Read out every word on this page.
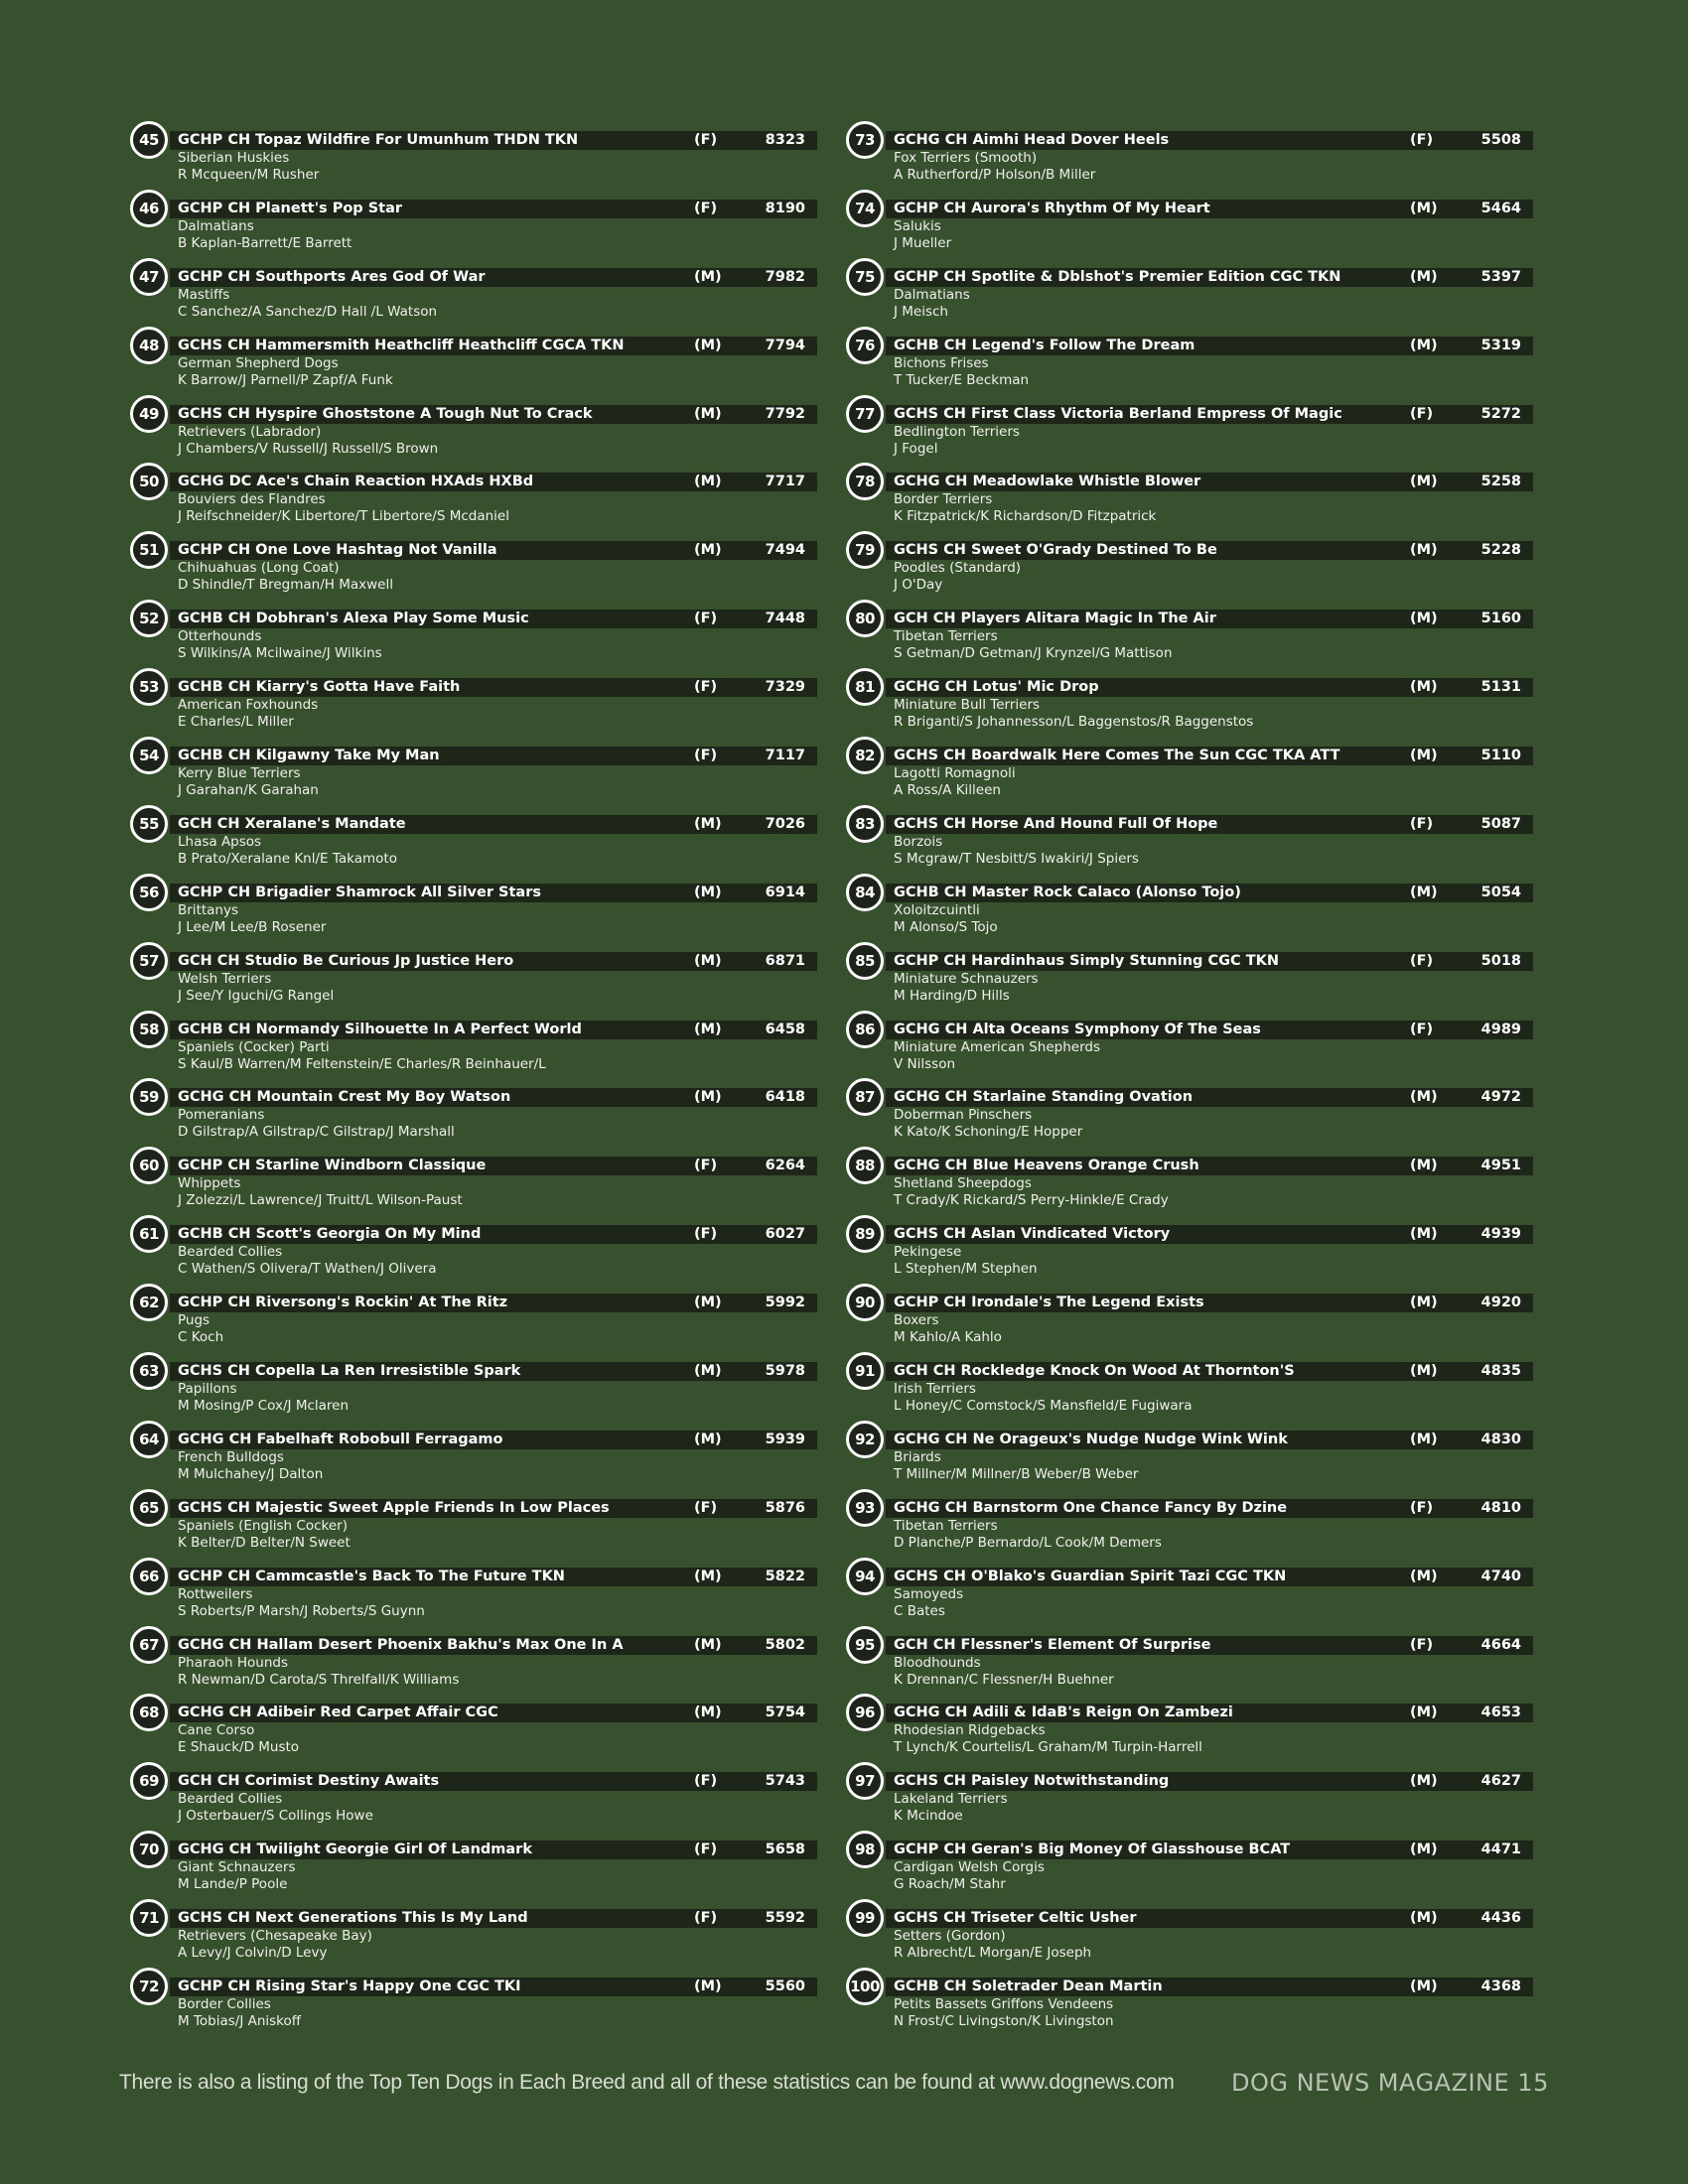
45	GCHP CH Topaz Wildfire For Umunhum THDN TKN	(F)	8323
Siberian Huskies
R Mcqueen/M Rusher
46	GCHP CH Planett's Pop Star	(F)	8190
Dalmatians
B Kaplan-Barrett/E Barrett
47	GCHP CH Southports Ares God Of War	(M)	7982
Mastiffs
C Sanchez/A Sanchez/D Hall /L Watson
48	GCHS CH Hammersmith Heathcliff Heathcliff CGCA TKN	(M)	7794
German Shepherd Dogs
K Barrow/J Parnell/P Zapf/A Funk
49	GCHS CH Hyspire Ghoststone A Tough Nut To Crack	(M)	7792
Retrievers (Labrador)
J Chambers/V Russell/J Russell/S Brown
50	GCHG DC Ace's Chain Reaction HXAds HXBd	(M)	7717
Bouviers des Flandres
J Reifschneider/K Libertore/T Libertore/S Mcdaniel
51	GCHP CH One Love Hashtag Not Vanilla	(M)	7494
Chihuahuas (Long Coat)
D Shindle/T Bregman/H Maxwell
52	GCHB CH Dobhran's Alexa Play Some Music	(F)	7448
Otterhounds
S Wilkins/A Mcilwaine/J Wilkins
53	GCHB CH Kiarry's Gotta Have Faith	(F)	7329
American Foxhounds
E Charles/L Miller
54	GCHB CH Kilgawny Take My Man	(F)	7117
Kerry Blue Terriers
J Garahan/K Garahan
55	GCH CH Xeralane's Mandate	(M)	7026
Lhasa Apsos
B Prato/Xeralane Knl/E Takamoto
56	GCHP CH Brigadier Shamrock All Silver Stars	(M)	6914
Brittanys
J Lee/M Lee/B Rosener
57	GCH CH Studio Be Curious Jp Justice Hero	(M)	6871
Welsh Terriers
J See/Y Iguchi/G Rangel
58	GCHB CH Normandy Silhouette In A Perfect World	(M)	6458
Spaniels (Cocker) Parti
S Kaul/B Warren/M Feltenstein/E Charles/R Beinhauer/L
59	GCHG CH Mountain Crest My Boy Watson	(M)	6418
Pomeranians
D Gilstrap/A Gilstrap/C Gilstrap/J Marshall
60	GCHP CH Starline Windborn Classique	(F)	6264
Whippets
J Zolezzi/L Lawrence/J Truitt/L Wilson-Paust
61	GCHB CH Scott's Georgia On My Mind	(F)	6027
Bearded Collies
C Wathen/S Olivera/T Wathen/J Olivera
62	GCHP CH Riversong's Rockin' At The Ritz	(M)	5992
Pugs
C Koch
63	GCHS CH Copella La Ren Irresistible Spark	(M)	5978
Papillons
M Mosing/P Cox/J Mclaren
64	GCHG CH Fabelhaft Robobull Ferragamo	(M)	5939
French Bulldogs
M Mulchahey/J Dalton
65	GCHS CH Majestic Sweet Apple Friends In Low Places	(F)	5876
Spaniels (English Cocker)
K Belter/D Belter/N Sweet
66	GCHP CH Cammcastle's Back To The Future TKN	(M)	5822
Rottweilers
S Roberts/P Marsh/J Roberts/S Guynn
67	GCHG CH Hallam Desert Phoenix Bakhu's Max One In A	(M)	5802
Pharaoh Hounds
R Newman/D Carota/S Threlfall/K Williams
68	GCHG CH Adibeir Red Carpet Affair CGC	(M)	5754
Cane Corso
E Shauck/D Musto
69	GCH CH Corimist Destiny Awaits	(F)	5743
Bearded Collies
J Osterbauer/S Collings Howe
70	GCHG CH Twilight Georgie Girl Of Landmark	(F)	5658
Giant Schnauzers
M Lande/P Poole
71	GCHS CH Next Generations This Is My Land	(F)	5592
Retrievers (Chesapeake Bay)
A Levy/J Colvin/D Levy
72	GCHP CH Rising Star's Happy One CGC TKI	(M)	5560
Border Collies
M Tobias/J Aniskoff
73	GCHG CH Aimhi Head Dover Heels	(F)	5508
Fox Terriers (Smooth)
A Rutherford/P Holson/B Miller
74	GCHP CH Aurora's Rhythm Of My Heart	(M)	5464
Salukis
J Mueller
75	GCHP CH Spotlite & Dblshot's Premier Edition CGC TKN	(M)	5397
Dalmatians
J Meisch
76	GCHB CH Legend's Follow The Dream	(M)	5319
Bichons Frises
T Tucker/E Beckman
77	GCHS CH First Class Victoria Berland Empress Of Magic	(F)	5272
Bedlington Terriers
J Fogel
78	GCHG CH Meadowlake Whistle Blower	(M)	5258
Border Terriers
K Fitzpatrick/K Richardson/D Fitzpatrick
79	GCHS CH Sweet O'Grady Destined To Be	(M)	5228
Poodles (Standard)
J O'Day
80	GCH CH Players Alitara Magic In The Air	(M)	5160
Tibetan Terriers
S Getman/D Getman/J Krynzel/G Mattison
81	GCHG CH Lotus' Mic Drop	(M)	5131
Miniature Bull Terriers
R Briganti/S Johannesson/L Baggenstos/R Baggenstos
82	GCHS CH Boardwalk Here Comes The Sun CGC TKA ATT	(M)	5110
Lagotti Romagnoli
A Ross/A Killeen
83	GCHS CH Horse And Hound Full Of Hope	(F)	5087
Borzois
S Mcgraw/T Nesbitt/S Iwakiri/J Spiers
84	GCHB CH Master Rock Calaco (Alonso Tojo)	(M)	5054
Xoloitzcuintli
M Alonso/S Tojo
85	GCHP CH Hardinhaus Simply Stunning CGC TKN	(F)	5018
Miniature Schnauzers
M Harding/D Hills
86	GCHG CH Alta Oceans Symphony Of The Seas	(F)	4989
Miniature American Shepherds
V Nilsson
87	GCHG CH Starlaine Standing Ovation	(M)	4972
Doberman Pinschers
K Kato/K Schoning/E Hopper
88	GCHG CH Blue Heavens Orange Crush	(M)	4951
Shetland Sheepdogs
T Crady/K Rickard/S Perry-Hinkle/E Crady
89	GCHS CH Aslan Vindicated Victory	(M)	4939
Pekingese
L Stephen/M Stephen
90	GCHP CH Irondale's The Legend Exists	(M)	4920
Boxers
M Kahlo/A Kahlo
91	GCH CH Rockledge Knock On Wood At Thornton'S	(M)	4835
Irish Terriers
L Honey/C Comstock/S Mansfield/E Fugiwara
92	GCHG CH Ne Orageux's Nudge Nudge Wink Wink	(M)	4830
Briards
T Millner/M Millner/B Weber/B Weber
93	GCHG CH Barnstorm One Chance Fancy By Dzine	(F)	4810
Tibetan Terriers
D Planche/P Bernardo/L Cook/M Demers
94	GCHS CH O'Blako's Guardian Spirit Tazi CGC TKN	(M)	4740
Samoyeds
C Bates
95	GCH CH Flessner's Element Of Surprise	(F)	4664
Bloodhounds
K Drennan/C Flessner/H Buehner
96	GCHG CH Adili & IdaB's Reign On Zambezi	(M)	4653
Rhodesian Ridgebacks
T Lynch/K Courtelis/L Graham/M Turpin-Harrell
97	GCHS CH Paisley Notwithstanding	(M)	4627
Lakeland Terriers
K Mcindoe
98	GCHP CH Geran's Big Money Of Glasshouse BCAT	(M)	4471
Cardigan Welsh Corgis
G Roach/M Stahr
99	GCHS CH Triseter Celtic Usher	(M)	4436
Setters (Gordon)
R Albrecht/L Morgan/E Joseph
100 GCHB CH Soletrader Dean Martin	(M)	4368
Petits Bassets Griffons Vendeens
N Frost/C Livingston/K Livingston
There is also a listing of the Top Ten Dogs in Each Breed and all of these statistics can be found at www.dognews.com DOG NEWS MAGAZINE 15
